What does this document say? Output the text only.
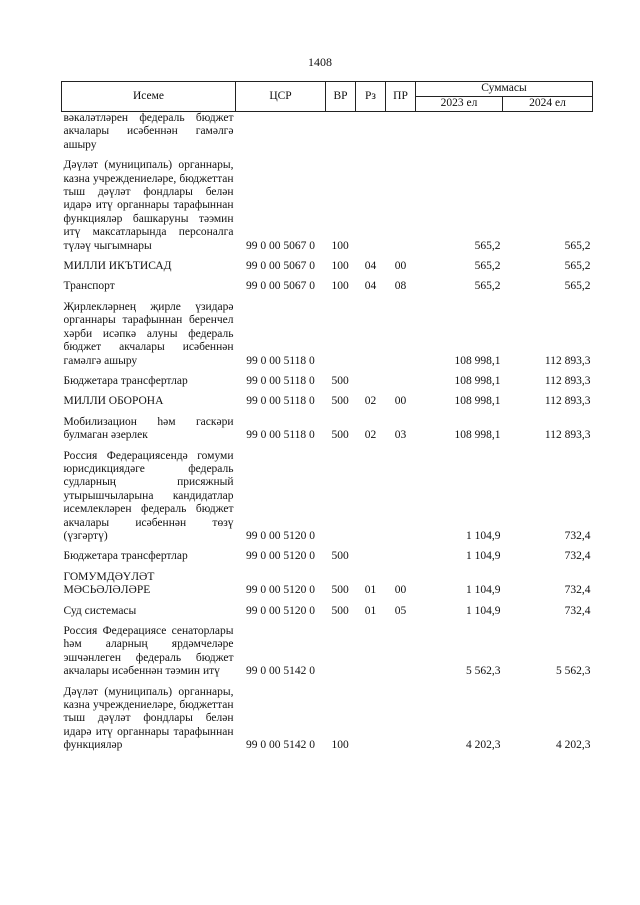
1408
Исеме	ЦСР	ВР	Рз	ПР	Суммасы	
					2023 ел	2024 ел
вәкаләтләрен федераль бюджет акчалары исәбеннән гамәлгә ашыру						

Дәүләт (муниципаль) органнары, казна учреждениеләре, бюджеттан тыш дәүләт фондлары белән идарә итү органнары тарафыннан функцияләр башкаруны тәэмин итү максатларында персоналга түләү чыгымнары	99 0 00 5067 0	100			565,2	565,2

МИЛЛИ ИКЪТИСАД	99 0 00 5067 0	100	04	00	565,2	565,2

Транспорт	99 0 00 5067 0	100	04	08	565,2	565,2

Җирлекләрнең җирле үзидарә органнары тарафыннан беренчел хәрби исәпкә алуны федераль бюджет акчалары исәбеннән гамәлгә ашыру	99 0 00 5118 0				108 998,1	112 893,3

Бюджетара трансфертлар	99 0 00 5118 0	500			108 998,1	112 893,3

МИЛЛИ ОБОРОНА	99 0 00 5118 0	500	02	00	108 998,1	112 893,3

Мобилизацион һәм гаскәри булмаган әзерлек	99 0 00 5118 0	500	02	03	108 998,1	112 893,3

Россия Федерациясендә гомуми юрисдикциядәге федераль судларның присяжный утырышчыларына кандидатлар исемлекләрен федераль бюджет акчалары исәбеннән төзү (үзгәртү)	99 0 00 5120 0				1 104,9	732,4

Бюджетара трансфертлар	99 0 00 5120 0	500			1 104,9	732,4

ГОМУМДӘҮЛӘТ МӘСЬӘЛӘЛӘРЕ	99 0 00 5120 0	500	01	00	1 104,9	732,4

Суд системасы	99 0 00 5120 0	500	01	05	1 104,9	732,4

Россия Федерациясе сенаторлары һәм аларның ярдәмчеләре эшчәнлеген федераль бюджет акчалары исәбеннән тәэмин итү	99 0 00 5142 0				5 562,3	5 562,3

Дәүләт (муниципаль) органнары, казна учреждениеләре, бюджеттан тыш дәүләт фондлары белән идарә итү органнары тарафыннан функцияләр	99 0 00 5142 0	100			4 202,3	4 202,3
